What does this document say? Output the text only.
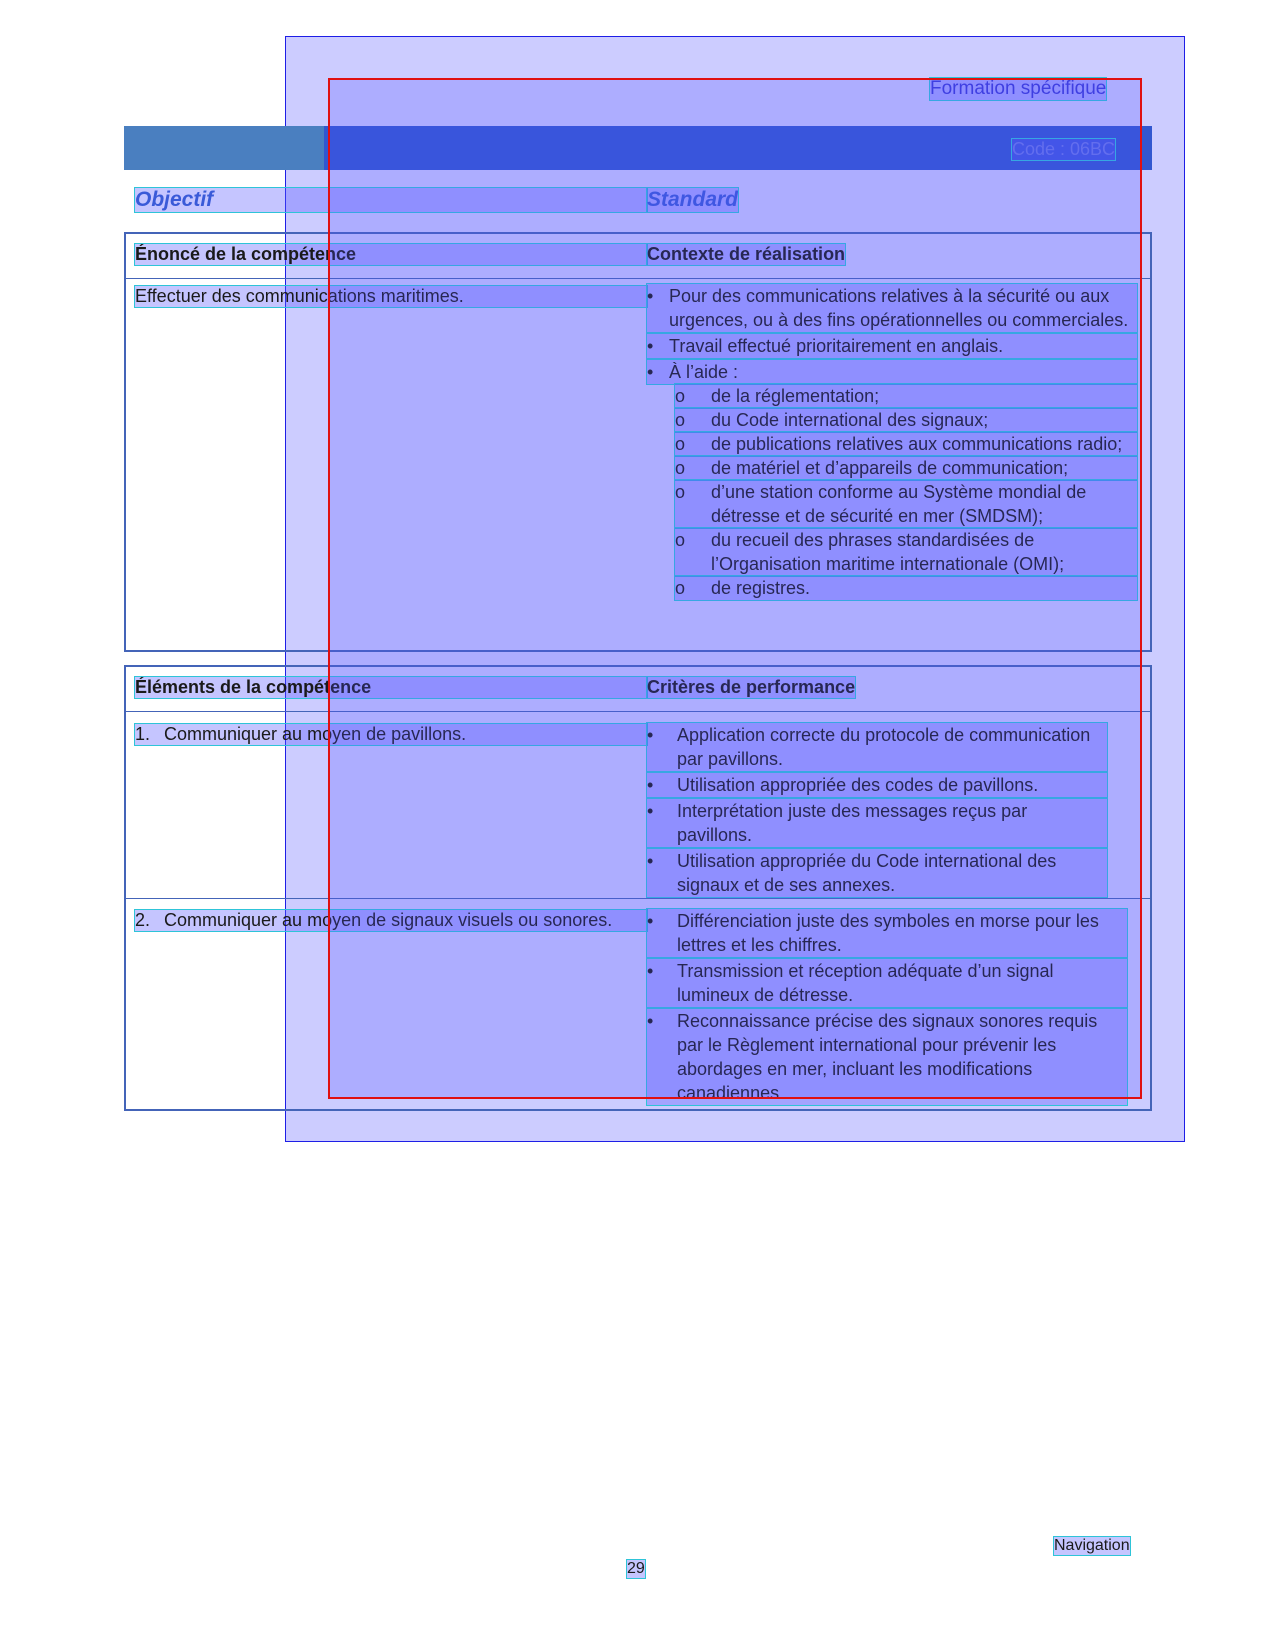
Formation spécifique
Code : 06BC
Objectif	Standard
Énoncé de la compétence	Contexte de réalisation
Effectuer des communications maritimes.	• Pour des communications relatives à la sécurité ou aux urgences, ou à des fins opérationnelles ou commerciales.
• Travail effectué prioritairement en anglais.
• À l’aide :
o	de la réglementation;
o	du Code international des signaux;
o	de publications relatives aux communications radio;
o	de matériel et d’appareils de communication;
o	d’une station conforme au Système mondial de détresse et de sécurité en mer (SMDSM);
o	du recueil des phrases standardisées de l’Organisation maritime internationale (OMI);
o	de registres.
Éléments de la compétence	Critères de performance
1. Communiquer au moyen de pavillons.	•	Application correcte du protocole de communication par pavillons.
•	Utilisation appropriée des codes de pavillons.
•	Interprétation juste des messages reçus par pavillons.
•	Utilisation appropriée du Code international des signaux et de ses annexes.
2. Communiquer au moyen de signaux visuels ou sonores.	•	Différenciation juste des symboles en morse pour les lettres et les chiffres.
•	Transmission et réception adéquate d’un signal lumineux de détresse.
•	Reconnaissance précise des signaux sonores requis par le Règlement international pour prévenir les abordages en mer, incluant les modifications canadiennes.
Navigation
29
